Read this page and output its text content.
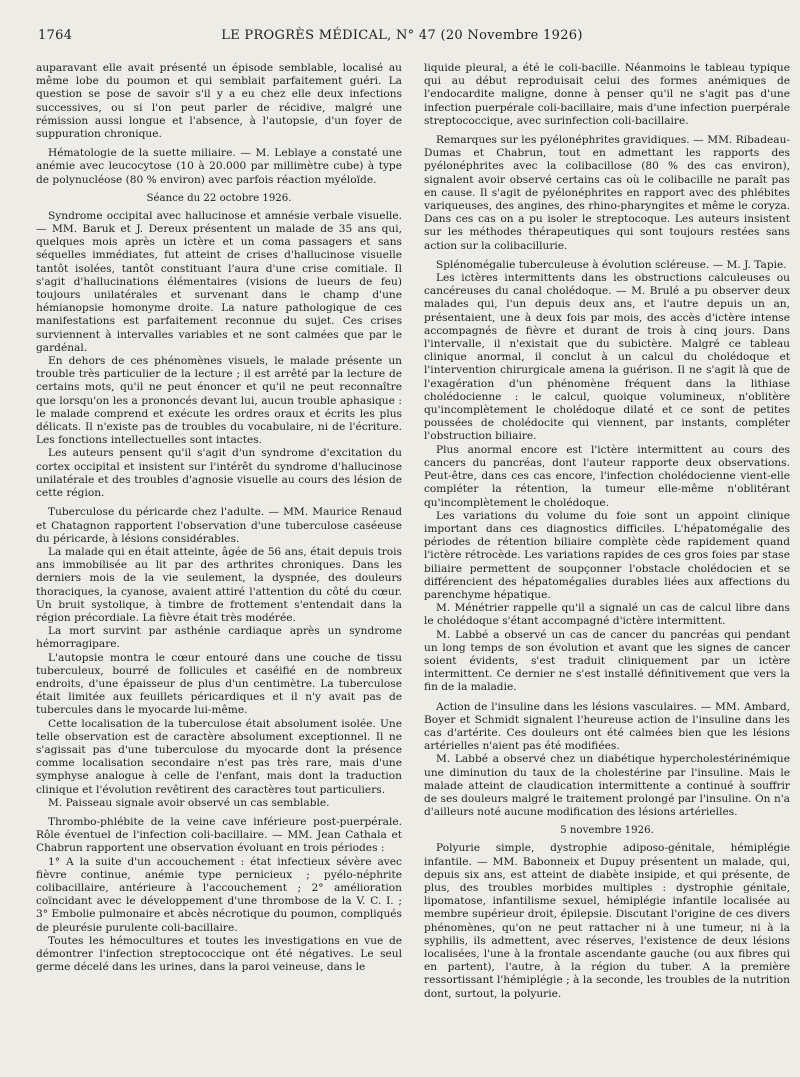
1764	LE PROGRÈS MÉDICAL, N° 47 (20 Novembre 1926)

auparavant elle avait présenté un épisode semblable, localisé au même lobe du poumon et qui semblait parfaitement guéri. La question se pose de savoir s'il y a eu chez elle deux infections successives, ou si l'on peut parler de récidive, malgré une rémission aussi longue et l'absence, à l'autopsie, d'un foyer de suppuration chronique.

Hématologie de la suette miliaire. — M. Leblaye a constaté une anémie avec leucocytose (10 à 20.000 par millimètre cube) à type de polynucléose (80 % environ) avec parfois réaction myéloïde.

Séance du 22 octobre 1926.

Syndrome occipital avec hallucinose et amnésie verbale visuelle. — MM. Baruk et J. Dereux présentent un malade de 35 ans qui, quelques mois après un ictère et un coma passagers et sans séquelles immédiates, fut atteint de crises d'hallucinose visuelle tantôt isolées, tantôt constituant l'aura d'une crise comitiale. Il s'agit d'hallucinations élémentaires (visions de lueurs de feu) toujours unilatérales et survenant dans le champ d'une hémianopsie homonyme droite. La nature pathologique de ces manifestations est parfaitement reconnue du sujet. Ces crises surviennent à intervalles variables et ne sont calmées que par le gardénal.

En dehors de ces phénomènes visuels, le malade présente un trouble très particulier de la lecture ; il est arrêté par la lecture de certains mots, qu'il ne peut énoncer et qu'il ne peut reconnaître que lorsqu'on les a prononcés devant lui, aucun trouble aphasique : le malade comprend et exécute les ordres oraux et écrits les plus délicats. Il n'existe pas de troubles du vocabulaire, ni de l'écriture. Les fonctions intellectuelles sont intactes.

Les auteurs pensent qu'il s'agit d'un syndrome d'excitation du cortex occipital et insistent sur l'intérêt du syndrome d'hallucinose unilatérale et des troubles d'agnosie visuelle au cours des lésion de cette région.

Tuberculose du péricarde chez l'adulte. — MM. Maurice Renaud et Chatagnon rapportent l'observation d'une tuberculose caséeuse du péricarde, à lésions considérables.

La malade qui en était atteinte, âgée de 56 ans, était depuis trois ans immobilisée au lit par des arthrites chroniques. Dans les derniers mois de la vie seulement, la dyspnée, des douleurs thoraciques, la cyanose, avaient attiré l'attention du côté du cœur. Un bruit systolique, à timbre de frottement s'entendait dans la région précordiale. La fièvre était très modérée.

La mort survint par asthénie cardiaque après un syndrome hémorragipare.

L'autopsie montra le cœur entouré dans une couche de tissu tuberculeux, bourré de follicules et caséifié en de nombreux endroits, d'une épaisseur de plus d'un centimètre. La tuberculose était limitée aux feuillets péricardiques et il n'y avait pas de tubercules dans le myocarde lui-même.

Cette localisation de la tuberculose était absolument isolée. Une telle observation est de caractère absolument exceptionnel. Il ne s'agissait pas d'une tuberculose du myocarde dont la présence comme localisation secondaire n'est pas très rare, mais d'une symphyse analogue à celle de l'enfant, mais dont la traduction clinique et l'évolution revêtirent des caractères tout particuliers.

M. Paisseau signale avoir observé un cas semblable.

Thrombo-phlébite de la veine cave inférieure post-puerpérale. Rôle éventuel de l'infection coli-bacillaire. — MM. Jean Cathala et Chabrun rapportent une observation évoluant en trois périodes :

1° A la suite d'un accouchement : état infectieux sévère avec fièvre continue, anémie type pernicieux ; pyélo-néphrite colibacillaire, antérieure à l'accouchement ; 2° amélioration coïncidant avec le développement d'une thrombose de la V. C. I. ; 3° Embolie pulmonaire et abcès nécrotique du poumon, compliqués de pleurésie purulente coli-bacillaire.

Toutes les hémocultures et toutes les investigations en vue de démontrer l'infection streptococcique ont été négatives. Le seul germe décelé dans les urines, dans la paroi veineuse, dans le

liquide pleural, a été le coli-bacille. Néanmoins le tableau typique qui au début reproduisait celui des formes anémiques de l'endocardite maligne, donne à penser qu'il ne s'agit pas d'une infection puerpérale coli-bacillaire, mais d'une infection puerpérale streptococcique, avec surinfection coli-bacillaire.

Remarques sur les pyélonéphrites gravidiques. — MM. Ribadeau-Dumas et Chabrun, tout en admettant les rapports des pyélonéphrites avec la colibacillose (80 % des cas environ), signalent avoir observé certains cas où le colibacille ne paraît pas en cause. Il s'agit de pyélonéphrites en rapport avec des phlébites variqueuses, des angines, des rhino-pharyngites et même le coryza. Dans ces cas on a pu isoler le streptocoque. Les auteurs insistent sur les méthodes thérapeutiques qui sont toujours restées sans action sur la colibacillurie.

Splénomégalie tuberculeuse à évolution scléreuse. — M. J. Tapie.

Les ictères intermittents dans les obstructions calculeuses ou cancéreuses du canal cholédoque. — M. Brulé a pu observer deux malades qui, l'un depuis deux ans, et l'autre depuis un an, présentaient, une à deux fois par mois, des accès d'ictère intense accompagnés de fièvre et durant de trois à cinq jours. Dans l'intervalle, il n'existait que du subictère. Malgré ce tableau clinique anormal, il conclut à un calcul du cholédoque et l'intervention chirurgicale amena la guérison. Il ne s'agit là que de l'exagération d'un phénomène fréquent dans la lithiase cholédocienne : le calcul, quoique volumineux, n'oblitère qu'incomplètement le cholédoque dilaté et ce sont de petites poussées de cholédocite qui viennent, par instants, compléter l'obstruction biliaire.

Plus anormal encore est l'ictère intermittent au cours des cancers du pancréas, dont l'auteur rapporte deux observations. Peut-être, dans ces cas encore, l'infection cholédocienne vient-elle compléter la rétention, la tumeur elle-même n'oblitérant qu'incomplètement le cholédoque.

Les variations du volume du foie sont un appoint clinique important dans ces diagnostics difficiles. L'hépatomégalie des périodes de rétention biliaire complète cède rapidement quand l'ictère rétrocède. Les variations rapides de ces gros foies par stase biliaire permettent de soupçonner l'obstacle cholédocien et se différencient des hépatomégalies durables liées aux affections du parenchyme hépatique.

M. Ménétrier rappelle qu'il a signalé un cas de calcul libre dans le cholédoque s'étant accompagné d'ictère intermittent.

M. Labbé a observé un cas de cancer du pancréas qui pendant un long temps de son évolution et avant que les signes de cancer soient évidents, s'est traduit cliniquement par un ictère intermittent. Ce dernier ne s'est installé définitivement que vers la fin de la maladie.

Action de l'insuline dans les lésions vasculaires. — MM. Ambard, Boyer et Schmidt signalent l'heureuse action de l'insuline dans les cas d'artérite. Ces douleurs ont été calmées bien que les lésions artérielles n'aient pas été modifiées.

M. Labbé a observé chez un diabétique hypercholestérinémique une diminution du taux de la cholestérine par l'insuline. Mais le malade atteint de claudication intermittente a continué à souffrir de ses douleurs malgré le traitement prolongé par l'insuline. On n'a d'ailleurs noté aucune modification des lésions artérielles.

5 novembre 1926.

Polyurie simple, dystrophie adiposo-génitale, hémiplégie infantile. — MM. Babonneix et Dupuy présentent un malade, qui, depuis six ans, est atteint de diabète insipide, et qui présente, de plus, des troubles morbides multiples : dystrophie génitale, lipomatose, infantilisme sexuel, hémiplégie infantile localisée au membre supérieur droit, épilepsie. Discutant l'origine de ces divers phénomènes, qu'on ne peut rattacher ni à une tumeur, ni à la syphilis, ils admettent, avec réserves, l'existence de deux lésions localisées, l'une à la frontale ascendante gauche (ou aux fibres qui en partent), l'autre, à la région du tuber. A la première ressortissant l'hémiplégie ; à la seconde, les troubles de la nutrition dont, surtout, la polyurie.
